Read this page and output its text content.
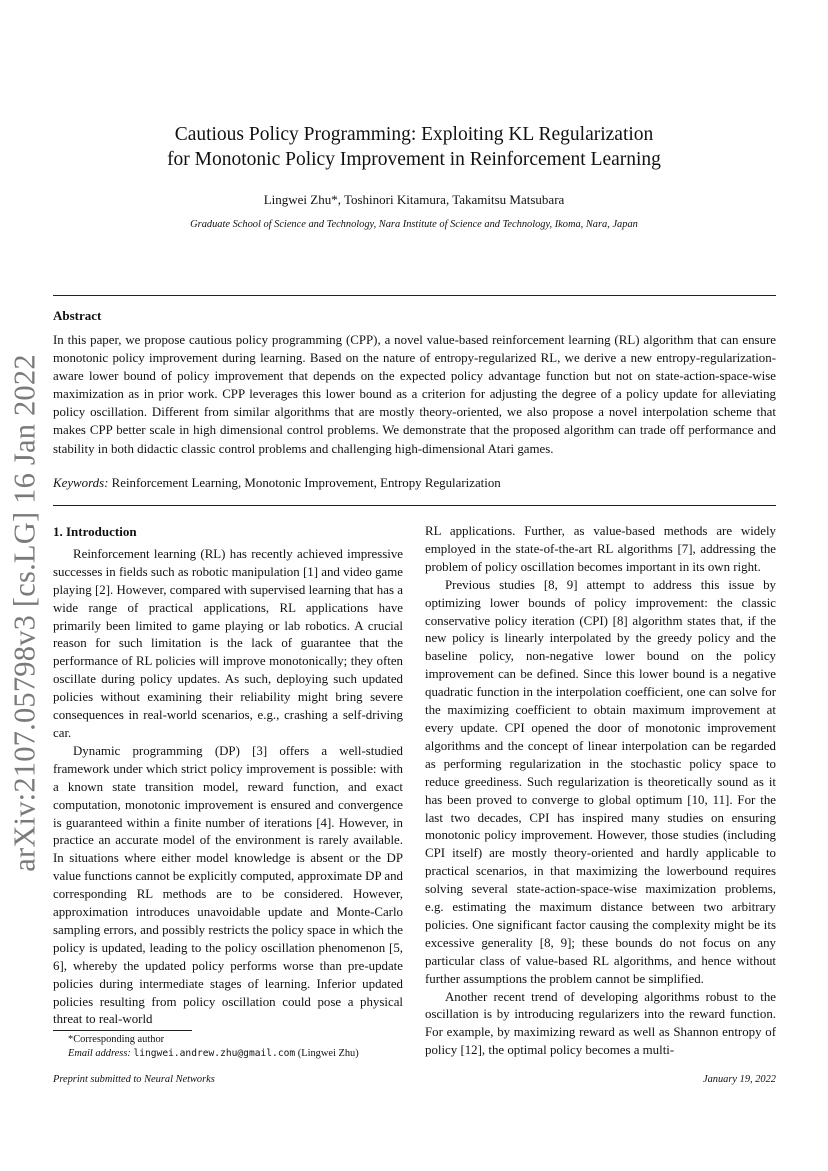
arXiv:2107.05798v3 [cs.LG] 16 Jan 2022
Cautious Policy Programming: Exploiting KL Regularization
for Monotonic Policy Improvement in Reinforcement Learning
Lingwei Zhu*, Toshinori Kitamura, Takamitsu Matsubara
Graduate School of Science and Technology, Nara Institute of Science and Technology, Ikoma, Nara, Japan
Abstract
In this paper, we propose cautious policy programming (CPP), a novel value-based reinforcement learning (RL) algorithm that can ensure monotonic policy improvement during learning. Based on the nature of entropy-regularized RL, we derive a new entropy-regularization-aware lower bound of policy improvement that depends on the expected policy advantage function but not on state-action-space-wise maximization as in prior work. CPP leverages this lower bound as a criterion for adjusting the degree of a policy update for alleviating policy oscillation. Different from similar algorithms that are mostly theory-oriented, we also propose a novel interpolation scheme that makes CPP better scale in high dimensional control problems. We demonstrate that the proposed algorithm can trade off performance and stability in both didactic classic control problems and challenging high-dimensional Atari games.
Keywords: Reinforcement Learning, Monotonic Improvement, Entropy Regularization
1. Introduction

Reinforcement learning (RL) has recently achieved impressive successes in fields such as robotic manipulation [1] and video game playing [2]. However, compared with supervised learning that has a wide range of practical applications, RL applications have primarily been limited to game playing or lab robotics. A crucial reason for such limitation is the lack of guarantee that the performance of RL policies will improve monotonically; they often oscillate during policy updates. As such, deploying such updated policies without examining their reliability might bring severe consequences in real-world scenarios, e.g., crashing a self-driving car.

Dynamic programming (DP) [3] offers a well-studied framework under which strict policy improvement is possible: with a known state transition model, reward function, and exact computation, monotonic improvement is ensured and convergence is guaranteed within a finite number of iterations [4]. However, in practice an accurate model of the environment is rarely available. In situations where either model knowledge is absent or the DP value functions cannot be explicitly computed, approximate DP and corresponding RL methods are to be considered. However, approximation introduces unavoidable update and Monte-Carlo sampling errors, and possibly restricts the policy space in which the policy is updated, leading to the policy oscillation phenomenon [5, 6], whereby the updated policy performs worse than pre-update policies during intermediate stages of learning. Inferior updated policies resulting from policy oscillation could pose a physical threat to real-world

RL applications. Further, as value-based methods are widely employed in the state-of-the-art RL algorithms [7], addressing the problem of policy oscillation becomes important in its own right.

Previous studies [8, 9] attempt to address this issue by optimizing lower bounds of policy improvement: the classic conservative policy iteration (CPI) [8] algorithm states that, if the new policy is linearly interpolated by the greedy policy and the baseline policy, non-negative lower bound on the policy improvement can be defined. Since this lower bound is a negative quadratic function in the interpolation coefficient, one can solve for the maximizing coefficient to obtain maximum improvement at every update. CPI opened the door of monotonic improvement algorithms and the concept of linear interpolation can be regarded as performing regularization in the stochastic policy space to reduce greediness. Such regularization is theoretically sound as it has been proved to converge to global optimum [10, 11]. For the last two decades, CPI has inspired many studies on ensuring monotonic policy improvement. However, those studies (including CPI itself) are mostly theory-oriented and hardly applicable to practical scenarios, in that maximizing the lowerbound requires solving several state-action-space-wise maximization problems, e.g. estimating the maximum distance between two arbitrary policies. One significant factor causing the complexity might be its excessive generality [8, 9]; these bounds do not focus on any particular class of value-based RL algorithms, and hence without further assumptions the problem cannot be simplified.

Another recent trend of developing algorithms robust to the oscillation is by introducing regularizers into the reward function. For example, by maximizing reward as well as Shannon entropy of policy [12], the optimal policy becomes a multi-

*Corresponding author
Email address: lingwei.andrew.zhu@gmail.com (Lingwei Zhu)
Preprint submitted to Neural Networks	January 19, 2022
